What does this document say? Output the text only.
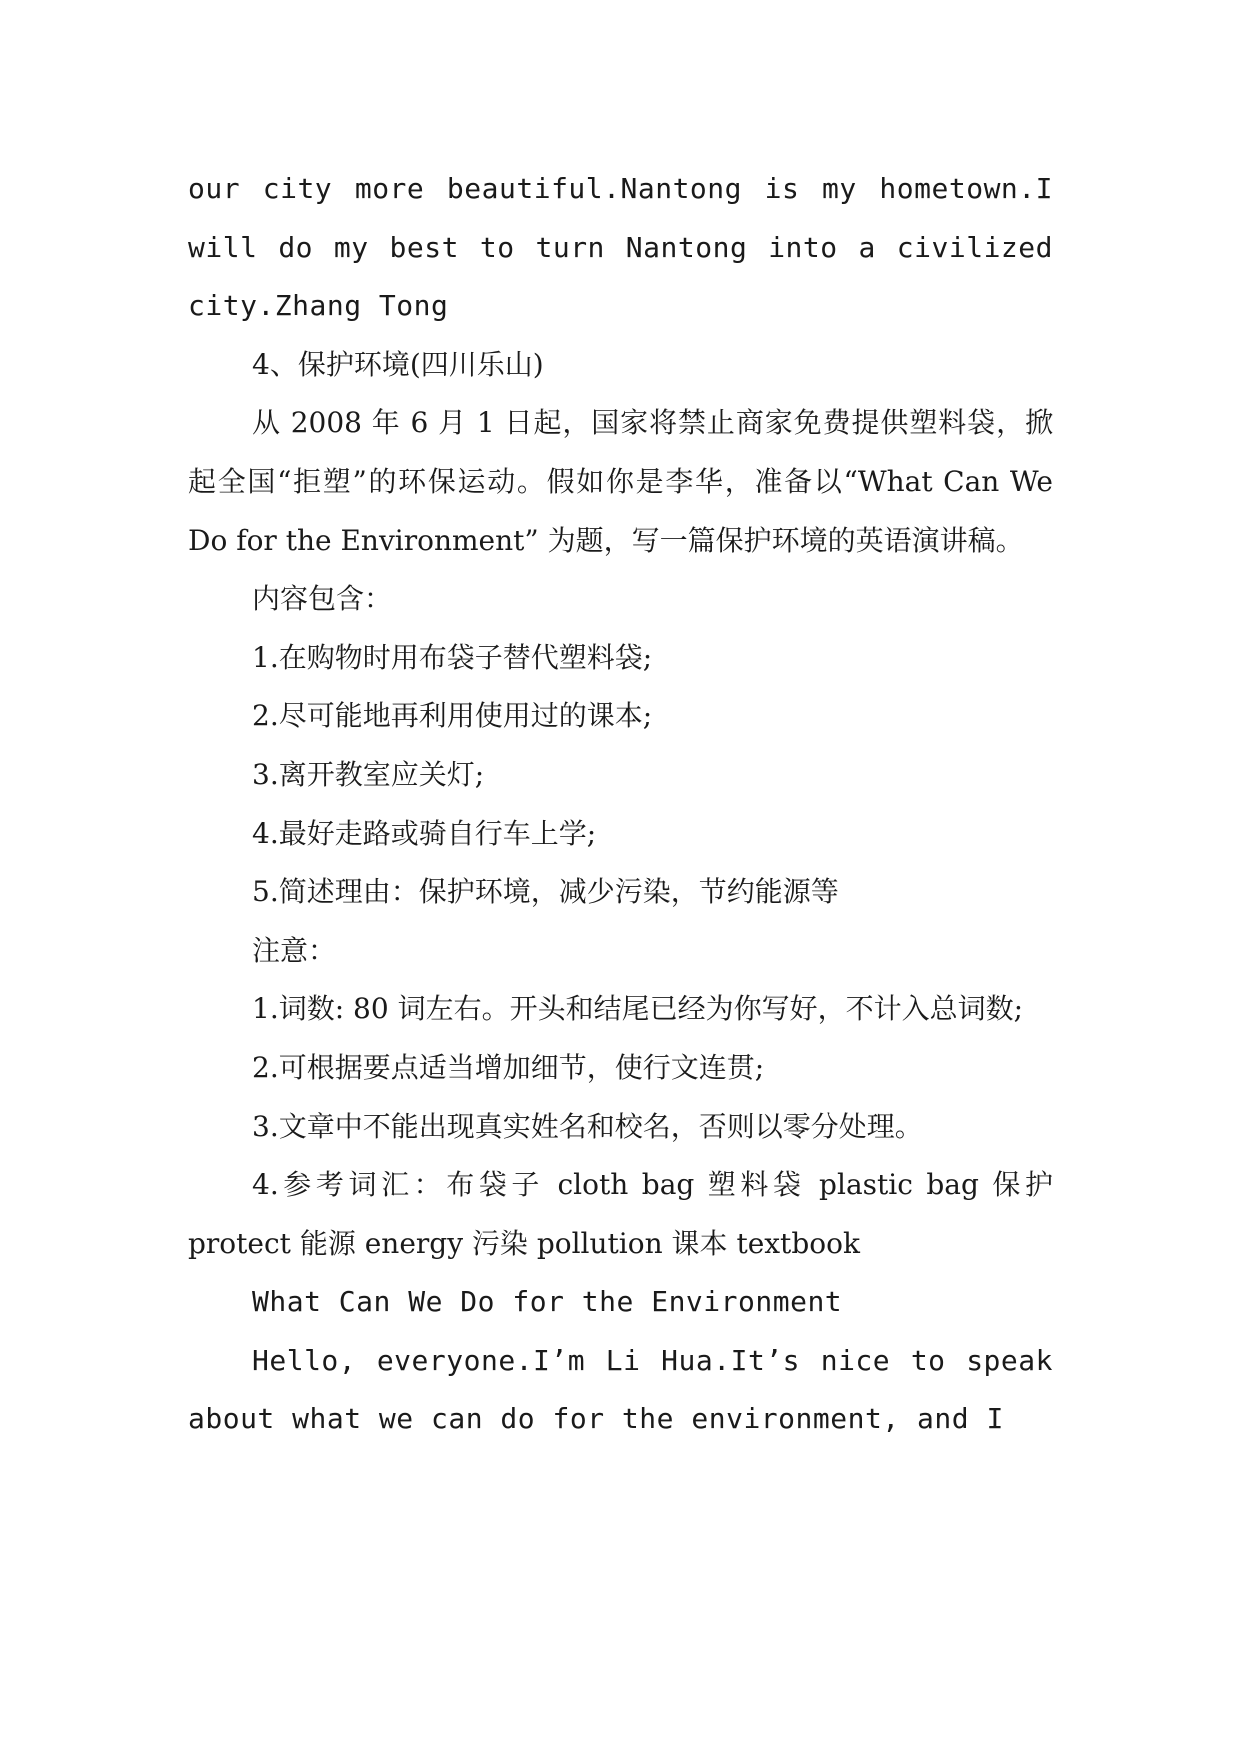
our city more beautiful.Nantong is my hometown.I will do my best to turn Nantong into a civilized city.Zhang Tong

4、保护环境(四川乐山)

从 2008 年 6 月 1 日起，国家将禁止商家免费提供塑料袋，掀起全国“拒塑”的环保运动。假如你是李华，准备以“What Can We Do for the Environment” 为题，写一篇保护环境的英语演讲稿。

内容包含：

1.在购物时用布袋子替代塑料袋;

2.尽可能地再利用使用过的课本;

3.离开教室应关灯;

4.最好走路或骑自行车上学;

5.简述理由：保护环境，减少污染，节约能源等

注意：

1.词数: 80 词左右。开头和结尾已经为你写好，不计入总词数;

2.可根据要点适当增加细节，使行文连贯;

3.文章中不能出现真实姓名和校名，否则以零分处理。

4.参考词汇：布袋子 cloth bag 塑料袋 plastic bag 保护 protect 能源 energy 污染 pollution 课本 textbook

What Can We Do for the Environment

Hello, everyone.I’m Li Hua.It’s nice to speak about what we can do for the environment, and I
